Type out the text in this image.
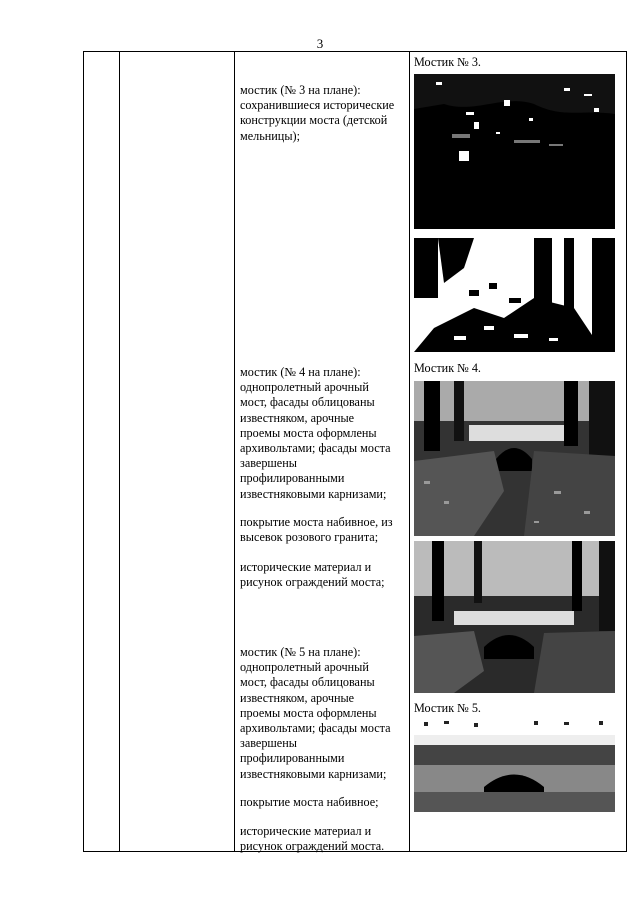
3
мостик (№ 3 на плане):
сохранившиеся исторические
конструкции моста (детской
мельницы);
мостик (№ 4 на плане):
однопролетный арочный
мост, фасады облицованы
известняком, арочные
проемы моста оформлены
архивольтами; фасады моста
завершены
профилированными
известняковыми карнизами;
покрытие моста набивное, из
высевок розового гранита;
исторические материал и
рисунок ограждений моста;
мостик (№ 5 на плане):
однопролетный арочный
мост, фасады облицованы
известняком, арочные
проемы моста оформлены
архивольтами; фасады моста
завершены
профилированными
известняковыми карнизами;
покрытие моста набивное;
исторические материал и
рисунок ограждений моста.
Мостик № 3.
Мостик № 4.
Мостик № 5.
